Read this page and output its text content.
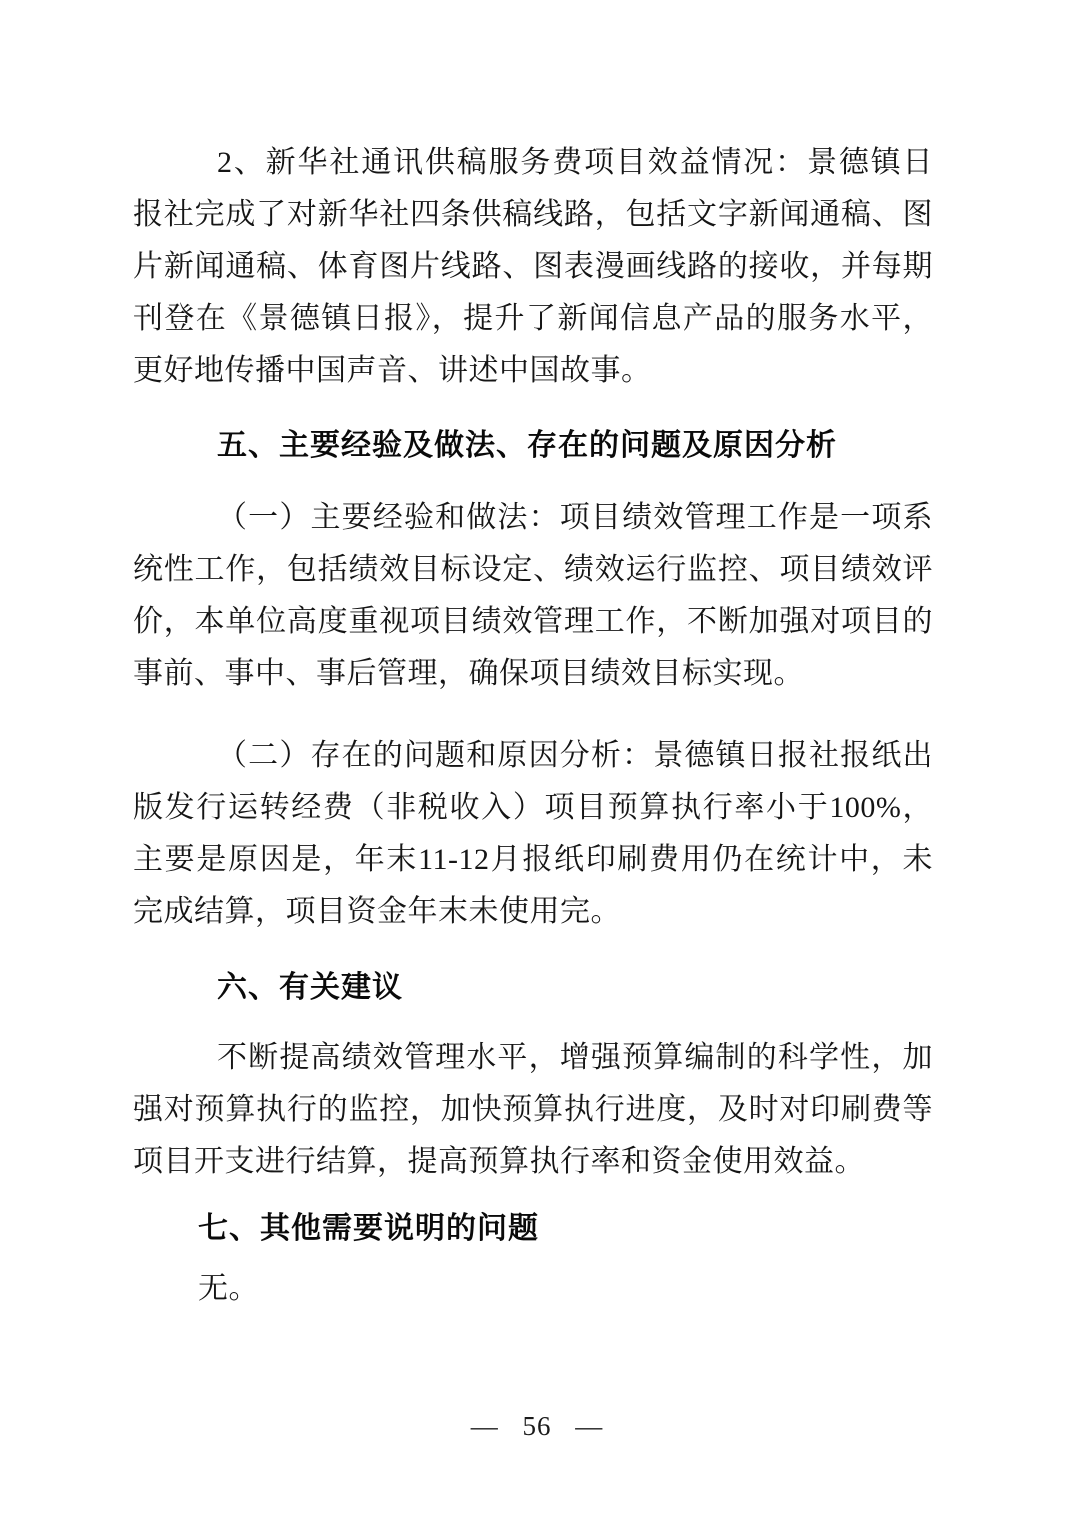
2、新华社通讯供稿服务费项目效益情况：景德镇日报社完成了对新华社四条供稿线路，包括文字新闻通稿、图片新闻通稿、体育图片线路、图表漫画线路的接收，并每期刊登在《景德镇日报》，提升了新闻信息产品的服务水平，更好地传播中国声音、讲述中国故事。

五、主要经验及做法、存在的问题及原因分析

（一）主要经验和做法：项目绩效管理工作是一项系统性工作，包括绩效目标设定、绩效运行监控、项目绩效评价，本单位高度重视项目绩效管理工作，不断加强对项目的事前、事中、事后管理，确保项目绩效目标实现。

（二）存在的问题和原因分析：景德镇日报社报纸出版发行运转经费（非税收入）项目预算执行率小于100%，主要是原因是，年末11-12月报纸印刷费用仍在统计中，未完成结算，项目资金年末未使用完。

六、有关建议

不断提高绩效管理水平，增强预算编制的科学性，加强对预算执行的监控，加快预算执行进度，及时对印刷费等项目开支进行结算，提高预算执行率和资金使用效益。

七、其他需要说明的问题

无。

— 56 —
